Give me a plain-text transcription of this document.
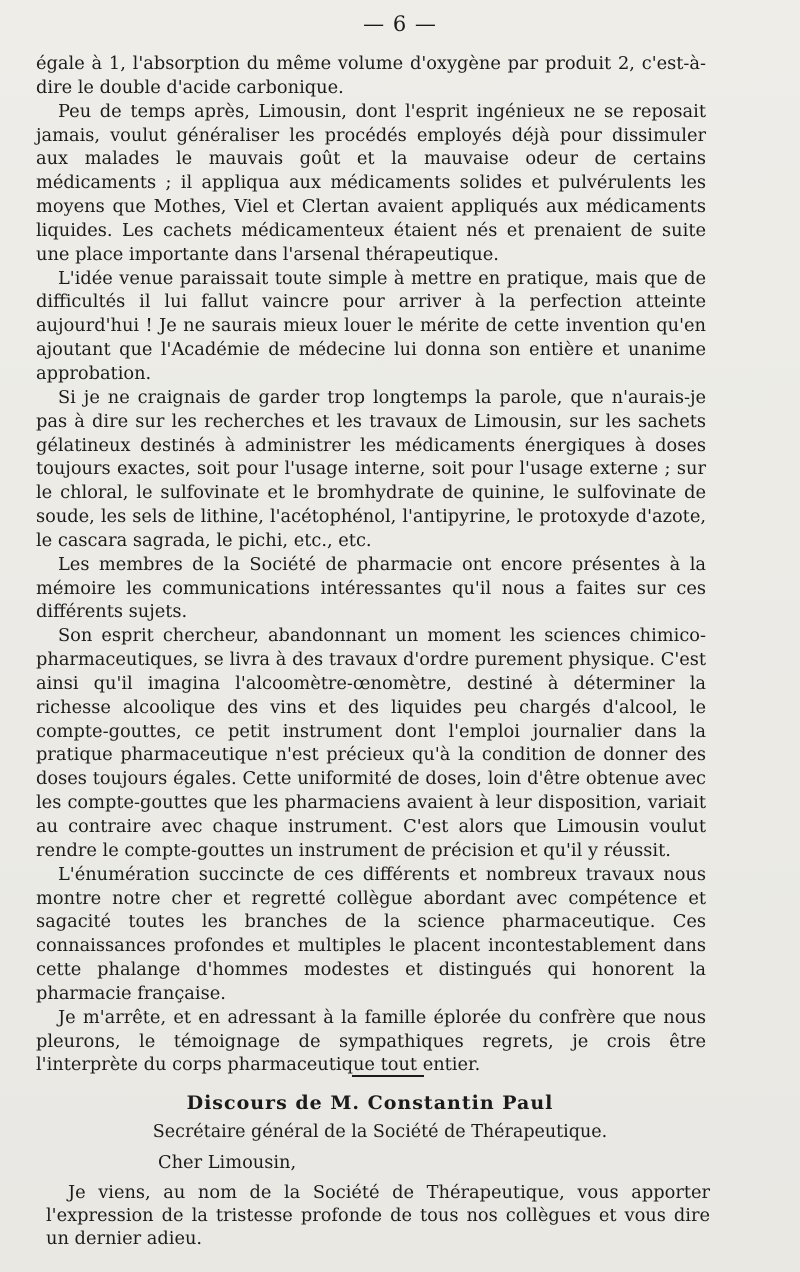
— 6 —

égale à 1, l'absorption du même volume d'oxygène par produit 2, c'est-à-dire le double d'acide carbonique.

Peu de temps après, Limousin, dont l'esprit ingénieux ne se reposait jamais, voulut généraliser les procédés employés déjà pour dissimuler aux malades le mauvais goût et la mauvaise odeur de certains médicaments ; il appliqua aux médicaments solides et pulvérulents les moyens que Mothes, Viel et Clertan avaient appliqués aux médicaments liquides. Les cachets médicamenteux étaient nés et prenaient de suite une place importante dans l'arsenal thérapeutique.

L'idée venue paraissait toute simple à mettre en pratique, mais que de difficultés il lui fallut vaincre pour arriver à la perfection atteinte aujourd'hui ! Je ne saurais mieux louer le mérite de cette invention qu'en ajoutant que l'Académie de médecine lui donna son entière et unanime approbation.

Si je ne craignais de garder trop longtemps la parole, que n'aurais-je pas à dire sur les recherches et les travaux de Limousin, sur les sachets gélatineux destinés à administrer les médicaments énergiques à doses toujours exactes, soit pour l'usage interne, soit pour l'usage externe ; sur le chloral, le sulfovinate et le bromhydrate de quinine, le sulfovinate de soude, les sels de lithine, l'acétophénol, l'antipyrine, le protoxyde d'azote, le cascara sagrada, le pichi, etc., etc.

Les membres de la Société de pharmacie ont encore présentes à la mémoire les communications intéressantes qu'il nous a faites sur ces différents sujets.

Son esprit chercheur, abandonnant un moment les sciences chimico-pharmaceutiques, se livra à des travaux d'ordre purement physique. C'est ainsi qu'il imagina l'alcoomètre-œnomètre, destiné à déterminer la richesse alcoolique des vins et des liquides peu chargés d'alcool, le compte-gouttes, ce petit instrument dont l'emploi journalier dans la pratique pharmaceutique n'est précieux qu'à la condition de donner des doses toujours égales. Cette uniformité de doses, loin d'être obtenue avec les compte-gouttes que les pharmaciens avaient à leur disposition, variait au contraire avec chaque instrument. C'est alors que Limousin voulut rendre le compte-gouttes un instrument de précision et qu'il y réussit.

L'énumération succincte de ces différents et nombreux travaux nous montre notre cher et regretté collègue abordant avec compétence et sagacité toutes les branches de la science pharmaceutique. Ces connaissances profondes et multiples le placent incontestablement dans cette phalange d'hommes modestes et distingués qui honorent la pharmacie française.

Je m'arrête, et en adressant à la famille éplorée du confrère que nous pleurons, le témoignage de sympathiques regrets, je crois être l'interprète du corps pharmaceutique tout entier.

Discours de M. Constantin Paul
Secrétaire général de la Société de Thérapeutique.
Cher Limousin,

Je viens, au nom de la Société de Thérapeutique, vous apporter l'expression de la tristesse profonde de tous nos collègues et vous dire un dernier adieu.
